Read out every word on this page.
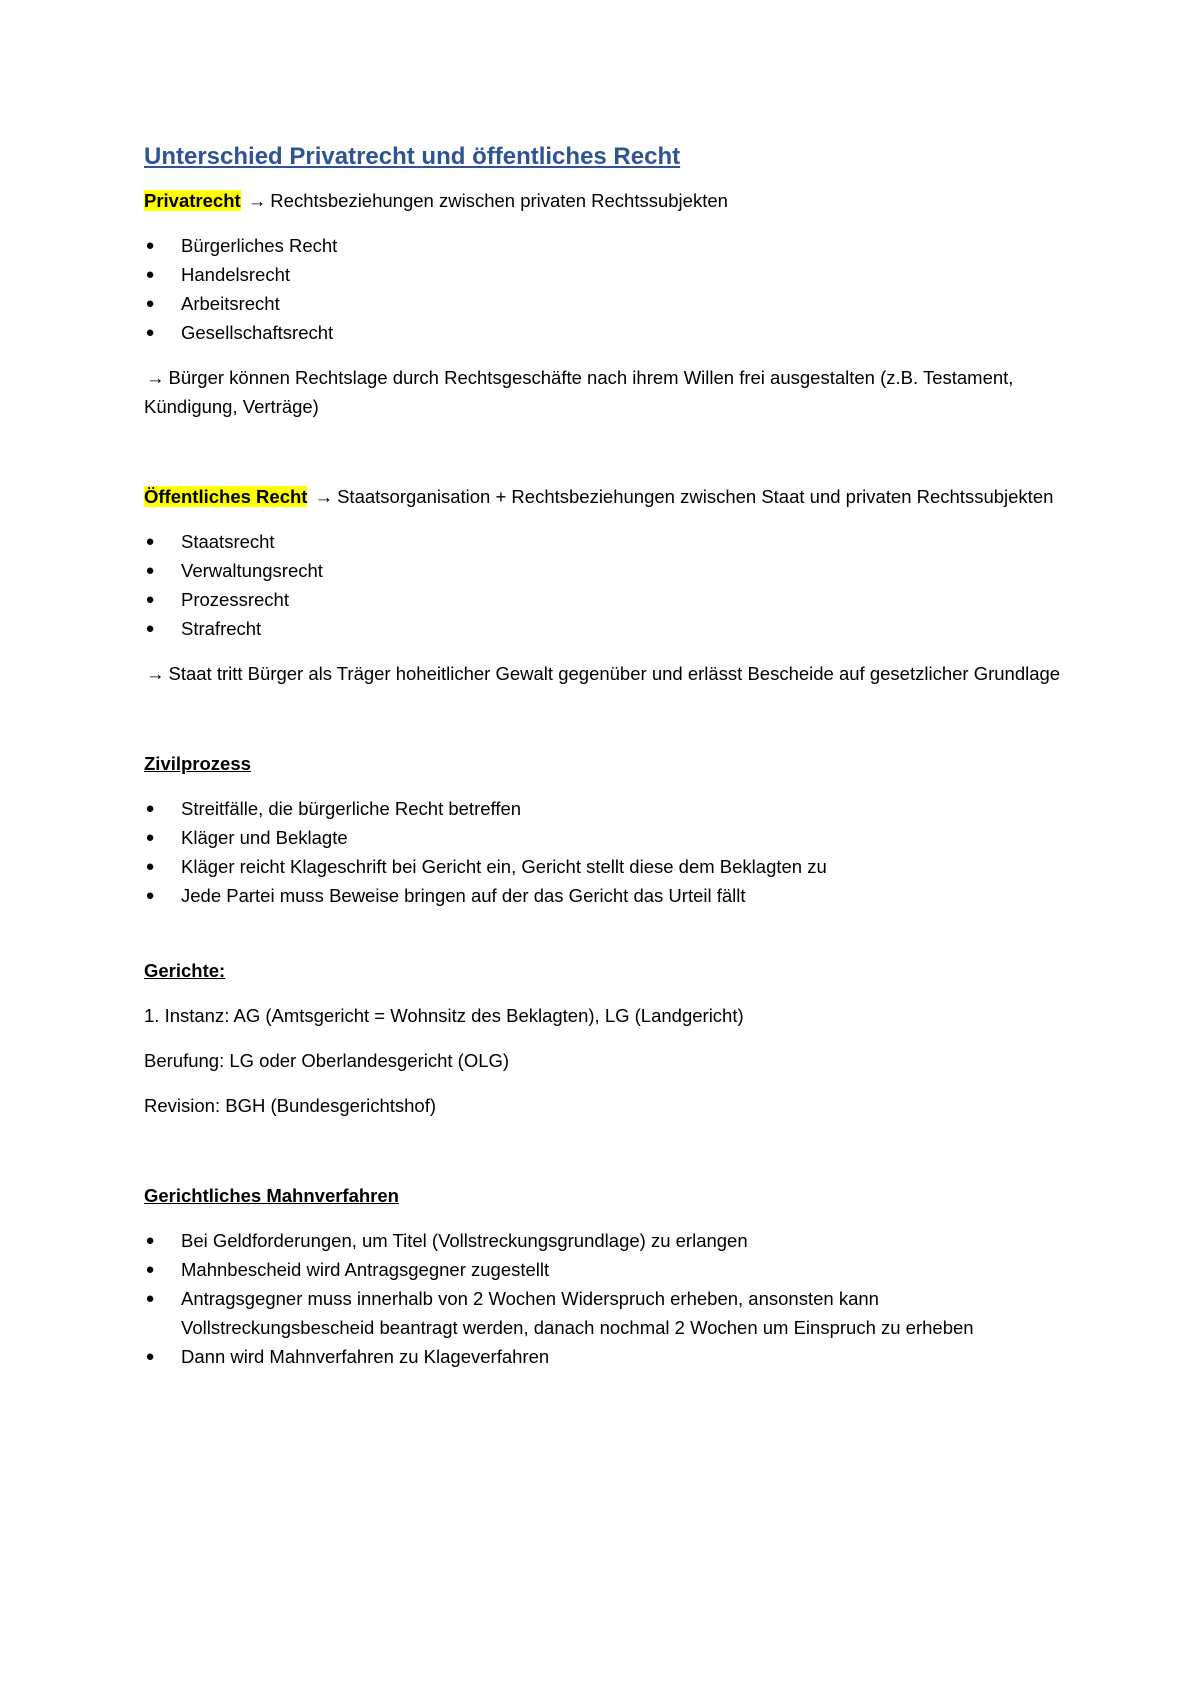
Unterschied Privatrecht und öffentliches Recht

Privatrecht → Rechtsbeziehungen zwischen privaten Rechtssubjekten

● Bürgerliches Recht
● Handelsrecht
● Arbeitsrecht
● Gesellschaftsrecht

→ Bürger können Rechtslage durch Rechtsgeschäfte nach ihrem Willen frei ausgestalten (z.B. Testament, Kündigung, Verträge)

Öffentliches Recht → Staatsorganisation + Rechtsbeziehungen zwischen Staat und privaten Rechtssubjekten

● Staatsrecht
● Verwaltungsrecht
● Prozessrecht
● Strafrecht

→ Staat tritt Bürger als Träger hoheitlicher Gewalt gegenüber und erlässt Bescheide auf gesetzlicher Grundlage

Zivilprozess
● Streitfälle, die bürgerliche Recht betreffen
● Kläger und Beklagte
● Kläger reicht Klageschrift bei Gericht ein, Gericht stellt diese dem Beklagten zu
● Jede Partei muss Beweise bringen auf der das Gericht das Urteil fällt
Gerichte:

1. Instanz: AG (Amtsgericht = Wohnsitz des Beklagten), LG (Landgericht)

Berufung: LG oder Oberlandesgericht (OLG)

Revision: BGH (Bundesgerichtshof)

Gerichtliches Mahnverfahren
● Bei Geldforderungen, um Titel (Vollstreckungsgrundlage) zu erlangen
● Mahnbescheid wird Antragsgegner zugestellt
● Antragsgegner muss innerhalb von 2 Wochen Widerspruch erheben, ansonsten kann Vollstreckungsbescheid beantragt werden, danach nochmal 2 Wochen um Einspruch zu erheben
● Dann wird Mahnverfahren zu Klageverfahren
